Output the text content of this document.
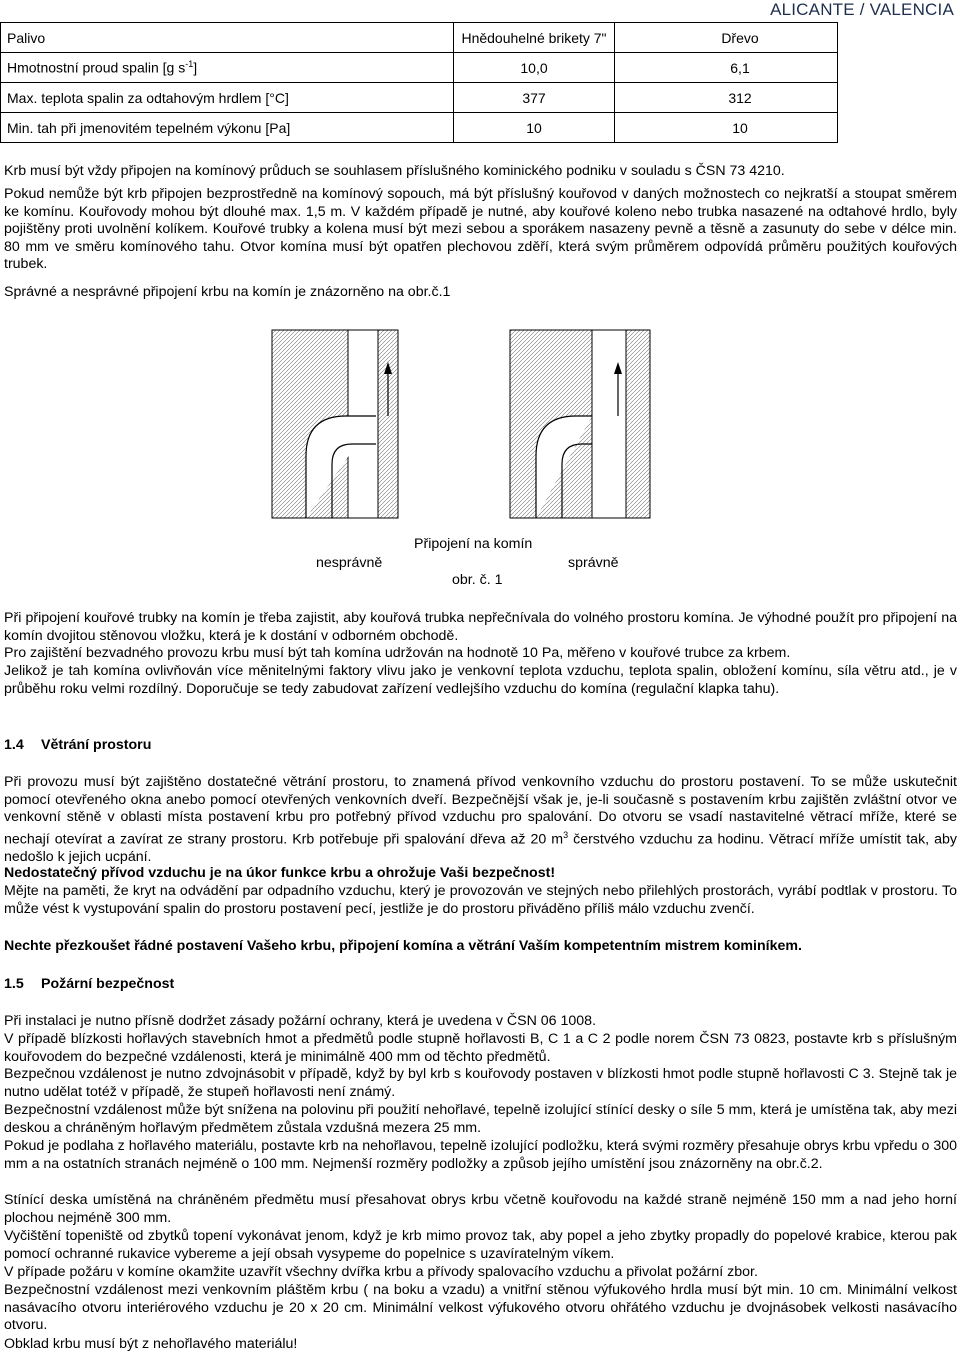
ALICANTE / VALENCIA
Palivo	Hnědouhelné brikety 7"	Dřevo
Hmotnostní proud spalin [g $s^{-1}$]	10,0	6,1
Max. teplota spalin za odtahovým hrdlem [°C]	377	312
Min. tah při jmenovitém tepelném výkonu [Pa]	10	10

Krb musí být vždy připojen na komínový průduch se souhlasem příslušného kominického podniku v souladu s ČSN 73 4210.

Pokud nemůže být krb připojen bezprostředně na komínový sopouch, má být příslušný kouřovod v daných možnostech co nejkratší a stoupat směrem ke komínu. Kouřovody mohou být dlouhé max. 1,5 m. V každém případě je nutné, aby kouřové koleno nebo trubka nasazené na odtahové hrdlo, byly pojištěny proti uvolnění kolíkem. Kouřové trubky a kolena musí být mezi sebou a sporákem nasazeny pevně a těsně a zasunuty do sebe v délce min. 80 mm ve směru komínového tahu. Otvor komína musí být opatřen plechovou zděří, která svým průměrem odpovídá průměru použitých kouřových trubek.

Správné a nesprávné připojení krbu na komín je znázorněno na obr.č.1

Připojení na komín
nesprávně	správně
obr. č. 1

Při připojení kouřové trubky na komín je třeba zajistit, aby kouřová trubka nepřečnívala do volného prostoru komína. Je výhodné použít pro připojení na komín dvojitou stěnovou vložku, která je k dostání v odborném obchodě.

Pro zajištění bezvadného provozu krbu musí být tah komína udržován na hodnotě 10 Pa, měřeno v kouřové trubce za krbem.

Jelikož je tah komína ovlivňován více měnitelnými faktory vlivu jako je venkovní teplota vzduchu, teplota spalin, obložení komínu, síla větru atd., je v průběhu roku velmi rozdílný. Doporučuje se tedy zabudovat zařízení vedlejšího vzduchu do komína (regulační klapka tahu).

1.4 Větrání prostoru

Při provozu musí být zajištěno dostatečné větrání prostoru, to znamená přívod venkovního vzduchu do prostoru postavení. To se může uskutečnit pomocí otevřeného okna anebo pomocí otevřených venkovních dveří. Bezpečnější však je, je-li současně s postavením krbu zajištěn zvláštní otvor ve venkovní stěně v oblasti místa postavení krbu pro potřebný přívod vzduchu pro spalování. Do otvoru se vsadí nastavitelné větrací mříže, které se nechají otevírat a zavírat ze strany prostoru. Krb potřebuje při spalování dřeva až 20 $m^3$ čerstvého vzduchu za hodinu. Větrací mříže umístit tak, aby nedošlo k jejich ucpání.

Nedostatečný přívod vzduchu je na úkor funkce krbu a ohrožuje Vaši bezpečnost!

Mějte na paměti, že kryt na odvádění par odpadního vzduchu, který je provozován ve stejných nebo přilehlých prostorách, vyrábí podtlak v prostoru. To může vést k vystupování spalin do prostoru postavení pecí, jestliže je do prostoru přiváděno příliš málo vzduchu zvenčí.

Nechte přezkoušet řádné postavení Vašeho krbu, připojení komína a větrání Vaším kompetentním mistrem kominíkem.

1.5 Požární bezpečnost

Při instalaci je nutno přísně dodržet zásady požární ochrany, která je uvedena v ČSN 06 1008.

V případě blízkosti hořlavých stavebních hmot a předmětů podle stupně hořlavosti B, C 1 a C 2 podle norem ČSN 73 0823, postavte krb s příslušným kouřovodem do bezpečné vzdálenosti, která je minimálně 400 mm od těchto předmětů.

Bezpečnou vzdálenost je nutno zdvojnásobit v případě, když by byl krb s kouřovody postaven v blízkosti hmot podle stupně hořlavosti C 3. Stejně tak je nutno udělat totéž v případě, že stupeň hořlavosti není známý.

Bezpečnostní vzdálenost může být snížena na polovinu při použití nehořlavé, tepelně izolující stínící desky o síle 5 mm, která je umístěna tak, aby mezi deskou a chráněným hořlavým předmětem zůstala vzdušná mezera 25 mm.

Pokud je podlaha z hořlavého materiálu, postavte krb na nehořlavou, tepelně izolující podložku, která svými rozměry přesahuje obrys krbu vpředu o 300 mm a na ostatních stranách nejméně o 100 mm. Nejmenší rozměry podložky a způsob jejího umístění jsou znázorněny na obr.č.2.

Stínící deska umístěná na chráněném předmětu musí přesahovat obrys krbu včetně kouřovodu na každé straně nejméně 150 mm a nad jeho horní plochou nejméně 300 mm.

Vyčištění topeniště od zbytků topení vykonávat jenom, když je krb mimo provoz tak, aby popel a jeho zbytky propadly do popelové krabice, kterou pak pomocí ochranné rukavice vybereme a její obsah vysypeme do popelnice s uzavíratelným víkem.

V případe požáru v komíne okamžite uzavřít všechny dvířka krbu a přívody spalovacího vzduchu a přivolat požární zbor.

Bezpečnostní vzdálenost mezi venkovním pláštěm krbu ( na boku a vzadu) a vnitřní stěnou výfukového hrdla musí být min. 10 cm. Minimální velkost nasávacího otvoru interiérového vzduchu je 20 x 20 cm. Minimální velkost výfukového otvoru ohřátého vzduchu je dvojnásobek velkosti nasávacího otvoru.

Obklad krbu musí být z nehořlavého materiálu!
